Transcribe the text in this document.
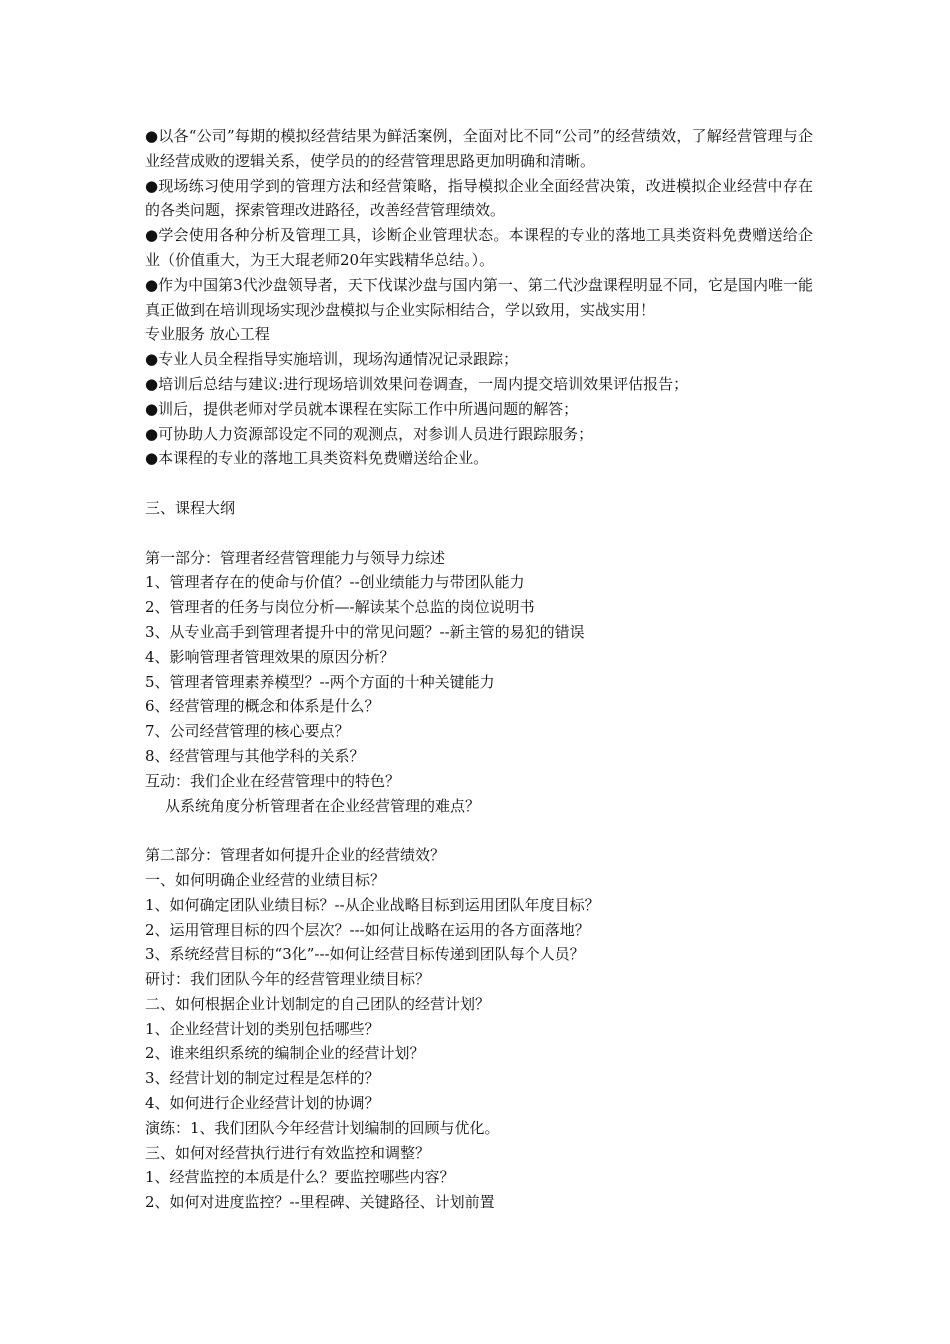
●以各“公司”每期的模拟经营结果为鲜活案例，全面对比不同“公司”的经营绩效，了解经营管理与企业经营成败的逻辑关系，使学员的的经营管理思路更加明确和清晰。
●现场练习使用学到的管理方法和经营策略，指导模拟企业全面经营决策，改进模拟企业经营中存在的各类问题，探索管理改进路径，改善经营管理绩效。
●学会使用各种分析及管理工具，诊断企业管理状态。本课程的专业的落地工具类资料免费赠送给企业（价值重大，为王大琨老师20年实践精华总结。）。
●作为中国第3代沙盘领导者，天下伐谋沙盘与国内第一、第二代沙盘课程明显不同，它是国内唯一能真正做到在培训现场实现沙盘模拟与企业实际相结合，学以致用，实战实用！
专业服务 放心工程
●专业人员全程指导实施培训，现场沟通情况记录跟踪；
●培训后总结与建议:进行现场培训效果问卷调查，一周内提交培训效果评估报告；
●训后，提供老师对学员就本课程在实际工作中所遇问题的解答；
●可协助人力资源部设定不同的观测点，对参训人员进行跟踪服务；
●本课程的专业的落地工具类资料免费赠送给企业。
三、课程大纲
第一部分：管理者经营管理能力与领导力综述
1、管理者存在的使命与价值？--创业绩能力与带团队能力
2、管理者的任务与岗位分析—-解读某个总监的岗位说明书
3、从专业高手到管理者提升中的常见问题？--新主管的易犯的错误
4、影响管理者管理效果的原因分析？
5、管理者管理素养模型？--两个方面的十种关键能力
6、经营管理的概念和体系是什么？
7、公司经营管理的核心要点？
8、经营管理与其他学科的关系？
互动：我们企业在经营管理中的特色？
从系统角度分析管理者在企业经营管理的难点？
第二部分：管理者如何提升企业的经营绩效？
一、如何明确企业经营的业绩目标？
1、如何确定团队业绩目标？--从企业战略目标到运用团队年度目标？
2、运用管理目标的四个层次？---如何让战略在运用的各方面落地？
3、系统经营目标的“3化”---如何让经营目标传递到团队每个人员？
研讨：我们团队今年的经营管理业绩目标？
二、如何根据企业计划制定的自己团队的经营计划？
1、企业经营计划的类别包括哪些？
2、谁来组织系统的编制企业的经营计划？
3、经营计划的制定过程是怎样的？
4、如何进行企业经营计划的协调？
演练：1、我们团队今年经营计划编制的回顾与优化。
三、如何对经营执行进行有效监控和调整？
1、经营监控的本质是什么？要监控哪些内容？
2、如何对进度监控？--里程碑、关键路径、计划前置
